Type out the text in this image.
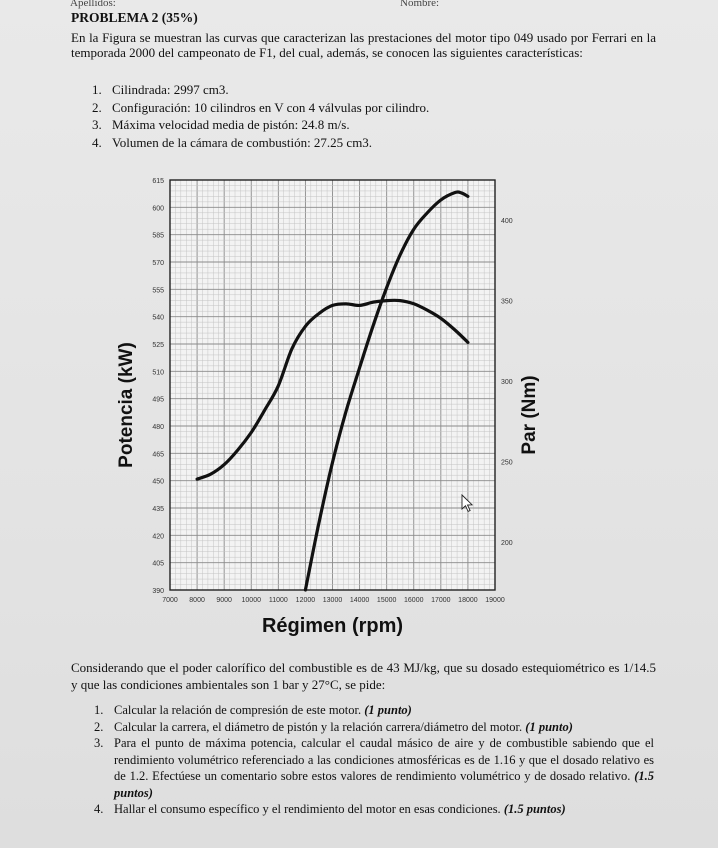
Apellidos:	Nombre:
PROBLEMA 2 (35%)
En la Figura se muestran las curvas que caracterizan las prestaciones del motor tipo 049 usado por Ferrari en la temporada 2000 del campeonato de F1, del cual, además, se conocen las siguientes características:
1. Cilindrada: 2997 cm3.
2. Configuración: 10 cilindros en V con 4 válvulas por cilindro.
3. Máxima velocidad media de pistón: 24.8 m/s.
4. Volumen de la cámara de combustión: 27.25 cm3.
7000 8000 9000 10000 11000 12000 13000 14000 15000 16000 17000 18000 19000
390
405
420
435
450
465
480
495
510
525
540
555
570
585
600
615
200
250
300
350
400
Régimen (rpm)
Potencia (kW)	Par (Nm)
Considerando que el poder calorífico del combustible es de 43 MJ/kg, que su dosado estequiométrico es 1/14.5 y que las condiciones ambientales son 1 bar y 27°C, se pide:
1. Calcular la relación de compresión de este motor. (1 punto)
2. Calcular la carrera, el diámetro de pistón y la relación carrera/diámetro del motor. (1 punto)
3. Para el punto de máxima potencia, calcular el caudal másico de aire y de combustible sabiendo que el rendimiento volumétrico referenciado a las condiciones atmosféricas es de 1.16 y que el dosado relativo es de 1.2. Efectúese un comentario sobre estos valores de rendimiento volumétrico y de dosado relativo. (1.5 puntos)
4. Hallar el consumo específico y el rendimiento del motor en esas condiciones. (1.5 puntos)
